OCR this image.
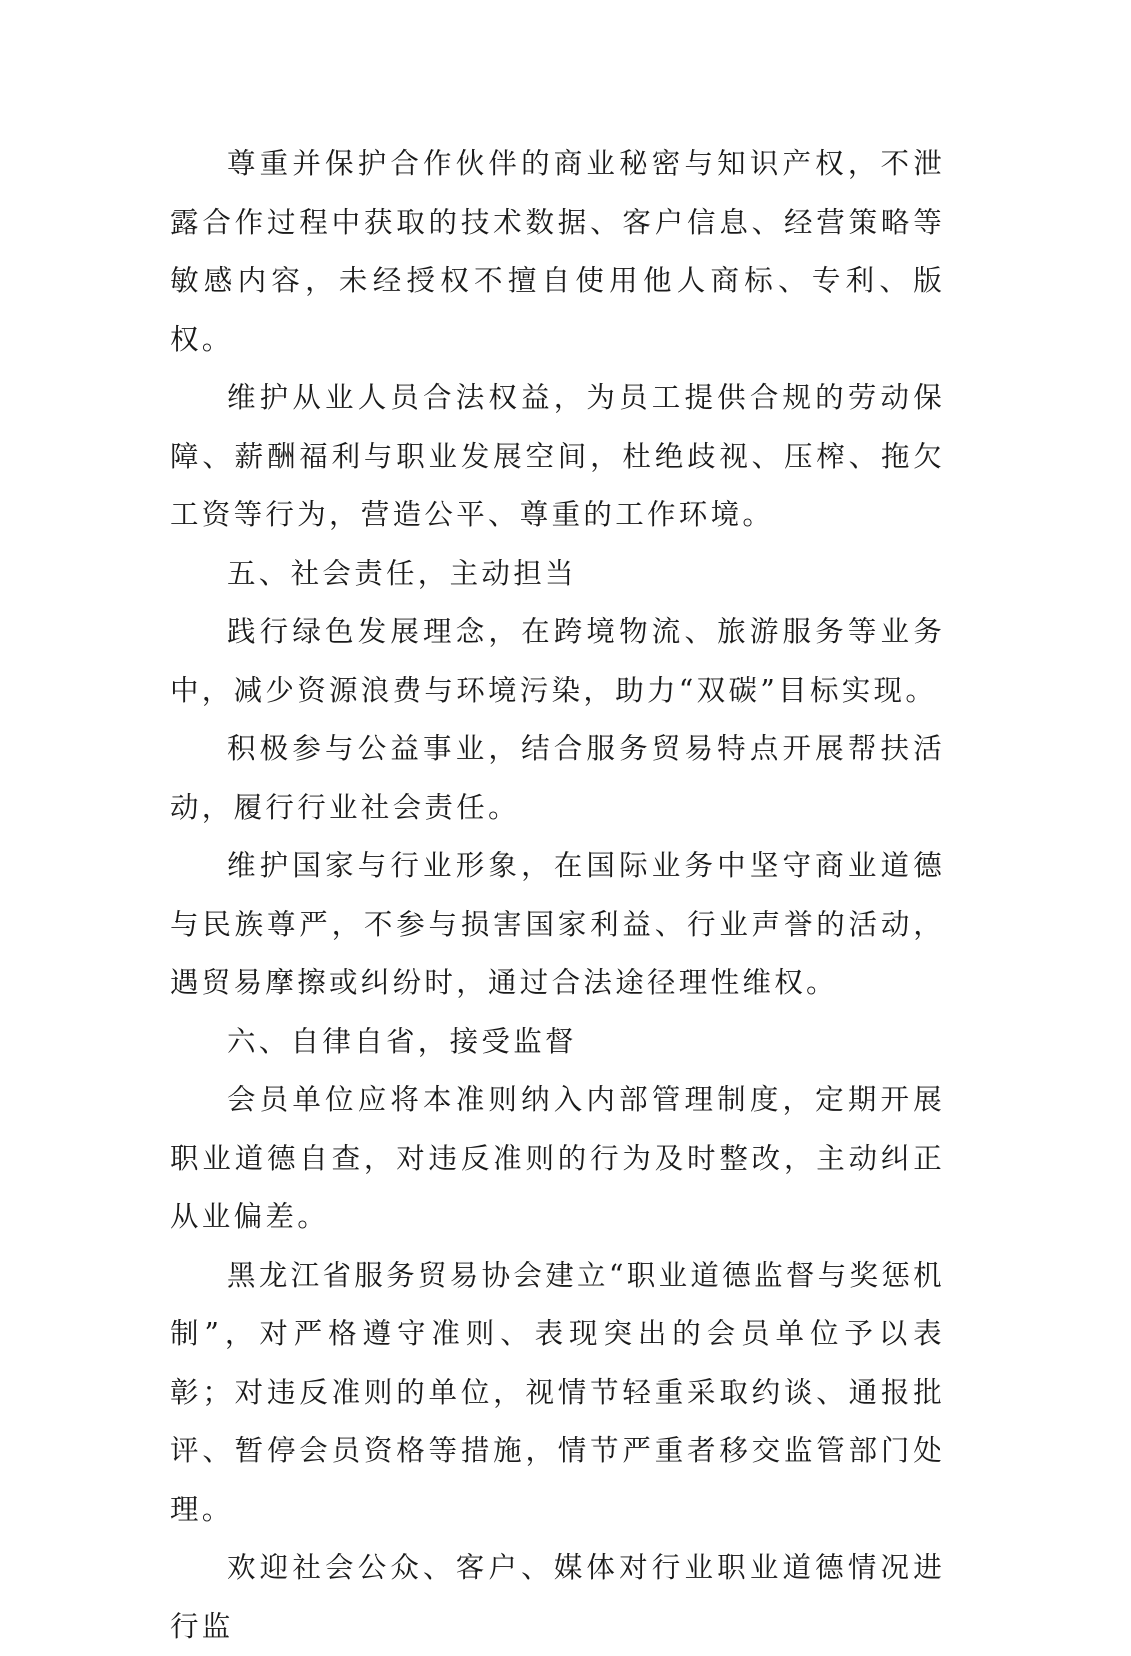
尊重并保护合作伙伴的商业秘密与知识产权，不泄露合作过程中获取的技术数据、客户信息、经营策略等敏感内容，未经授权不擅自使用他人商标、专利、版权。

维护从业人员合法权益，为员工提供合规的劳动保障、薪酬福利与职业发展空间，杜绝歧视、压榨、拖欠工资等行为，营造公平、尊重的工作环境。

五、社会责任，主动担当

践行绿色发展理念，在跨境物流、旅游服务等业务中，减少资源浪费与环境污染，助力“双碳”目标实现。

积极参与公益事业，结合服务贸易特点开展帮扶活动，履行行业社会责任。

维护国家与行业形象，在国际业务中坚守商业道德与民族尊严，不参与损害国家利益、行业声誉的活动，遇贸易摩擦或纠纷时，通过合法途径理性维权。

六、自律自省，接受监督

会员单位应将本准则纳入内部管理制度，定期开展职业道德自查，对违反准则的行为及时整改，主动纠正从业偏差。

黑龙江省服务贸易协会建立“职业道德监督与奖惩机制”，对严格遵守准则、表现突出的会员单位予以表彰；对违反准则的单位，视情节轻重采取约谈、通报批评、暂停会员资格等措施，情节严重者移交监管部门处理。

欢迎社会公众、客户、媒体对行业职业道德情况进行监
